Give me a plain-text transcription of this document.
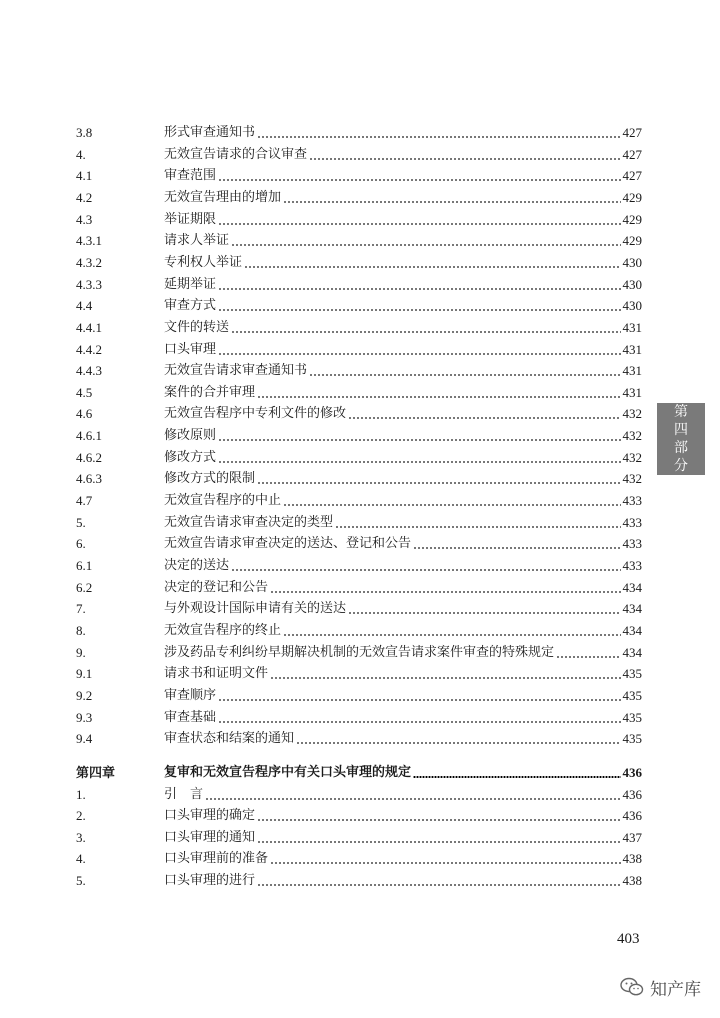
3.8	形式审查通知书	427
4.	无效宣告请求的合议审查	427
4.1	审查范围	427
4.2	无效宣告理由的增加	429
4.3	举证期限	429
4.3.1	请求人举证	429
4.3.2	专利权人举证	430
4.3.3	延期举证	430
4.4	审查方式	430
4.4.1	文件的转送	431
4.4.2	口头审理	431
4.4.3	无效宣告请求审查通知书	431
4.5	案件的合并审理	431
4.6	无效宣告程序中专利文件的修改	432
4.6.1	修改原则	432
4.6.2	修改方式	432
4.6.3	修改方式的限制	432
4.7	无效宣告程序的中止	433
5.	无效宣告请求审查决定的类型	433
6.	无效宣告请求审查决定的送达、登记和公告	433
6.1	决定的送达	433
6.2	决定的登记和公告	434
7.	与外观设计国际申请有关的送达	434
8.	无效宣告程序的终止	434
9.	涉及药品专利纠纷早期解决机制的无效宣告请求案件审查的特殊规定	434
9.1	请求书和证明文件	435
9.2	审查顺序	435
9.3	审查基础	435
9.4	审查状态和结案的通知	435
第四章	复审和无效宣告程序中有关口头审理的规定	436
1.	引　言	436
2.	口头审理的确定	436
3.	口头审理的通知	437
4.	口头审理前的准备	438
5.	口头审理的进行	438
第
四
部
分
403
知产库
